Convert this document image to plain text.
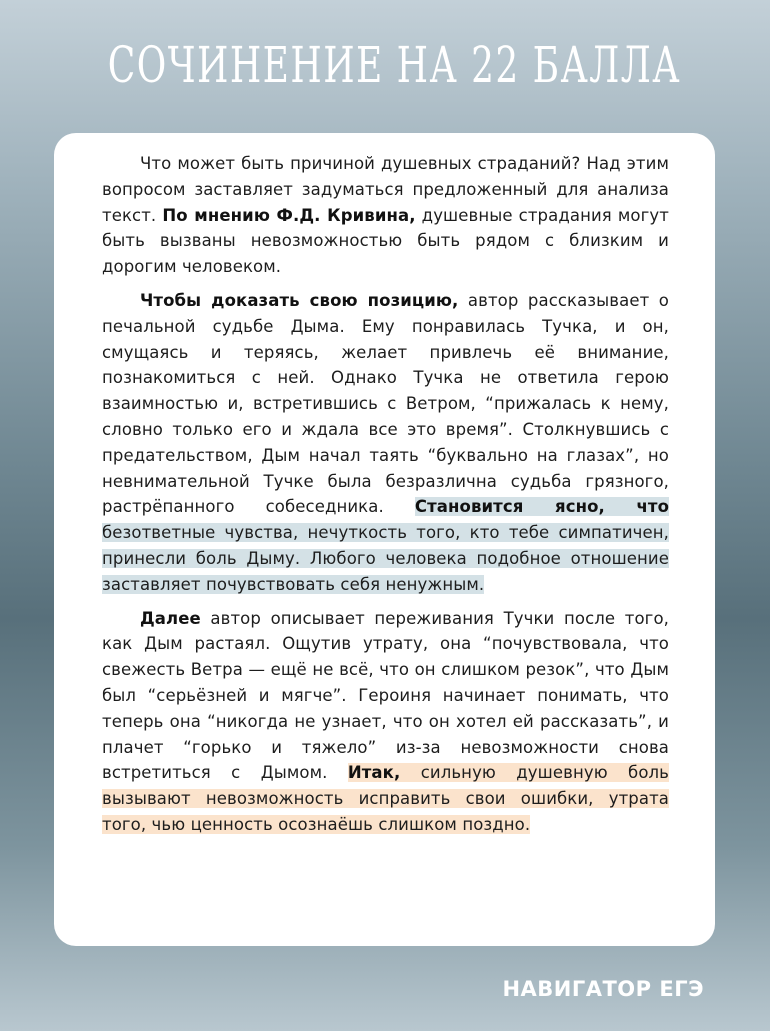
СОЧИНЕНИЕ НА 22 БАЛЛА

Что может быть причиной душевных страданий? Над этим вопросом заставляет задуматься предложенный для анализа текст. По мнению Ф.Д. Кривина, душевные страдания могут быть вызваны невозможностью быть рядом с близким и дорогим человеком.

Чтобы доказать свою позицию, автор рассказывает о печальной судьбе Дыма. Ему понравилась Тучка, и он, смущаясь и теряясь, желает привлечь её внимание, познакомиться с ней. Однако Тучка не ответила герою взаимностью и, встретившись с Ветром, “прижалась к нему, словно только его и ждала все это время”. Столкнувшись с предательством, Дым начал таять “буквально на глазах”, но невнимательной Тучке была безразлична судьба грязного, растрёпанного собеседника. Становится ясно, что безответные чувства, нечуткость того, кто тебе симпатичен, принесли боль Дыму. Любого человека подобное отношение заставляет почувствовать себя ненужным.

Далее автор описывает переживания Тучки после того, как Дым растаял. Ощутив утрату, она “почувствовала, что свежесть Ветра — ещё не всё, что он слишком резок”, что Дым был “серьёзней и мягче”. Героиня начинает понимать, что теперь она “никогда не узнает, что он хотел ей рассказать”, и плачет “горько и тяжело” из-за невозможности снова встретиться с Дымом. Итак, сильную душевную боль вызывают невозможность исправить свои ошибки, утрата того, чью ценность осознаёшь слишком поздно.

НАВИГАТОР ЕГЭ
